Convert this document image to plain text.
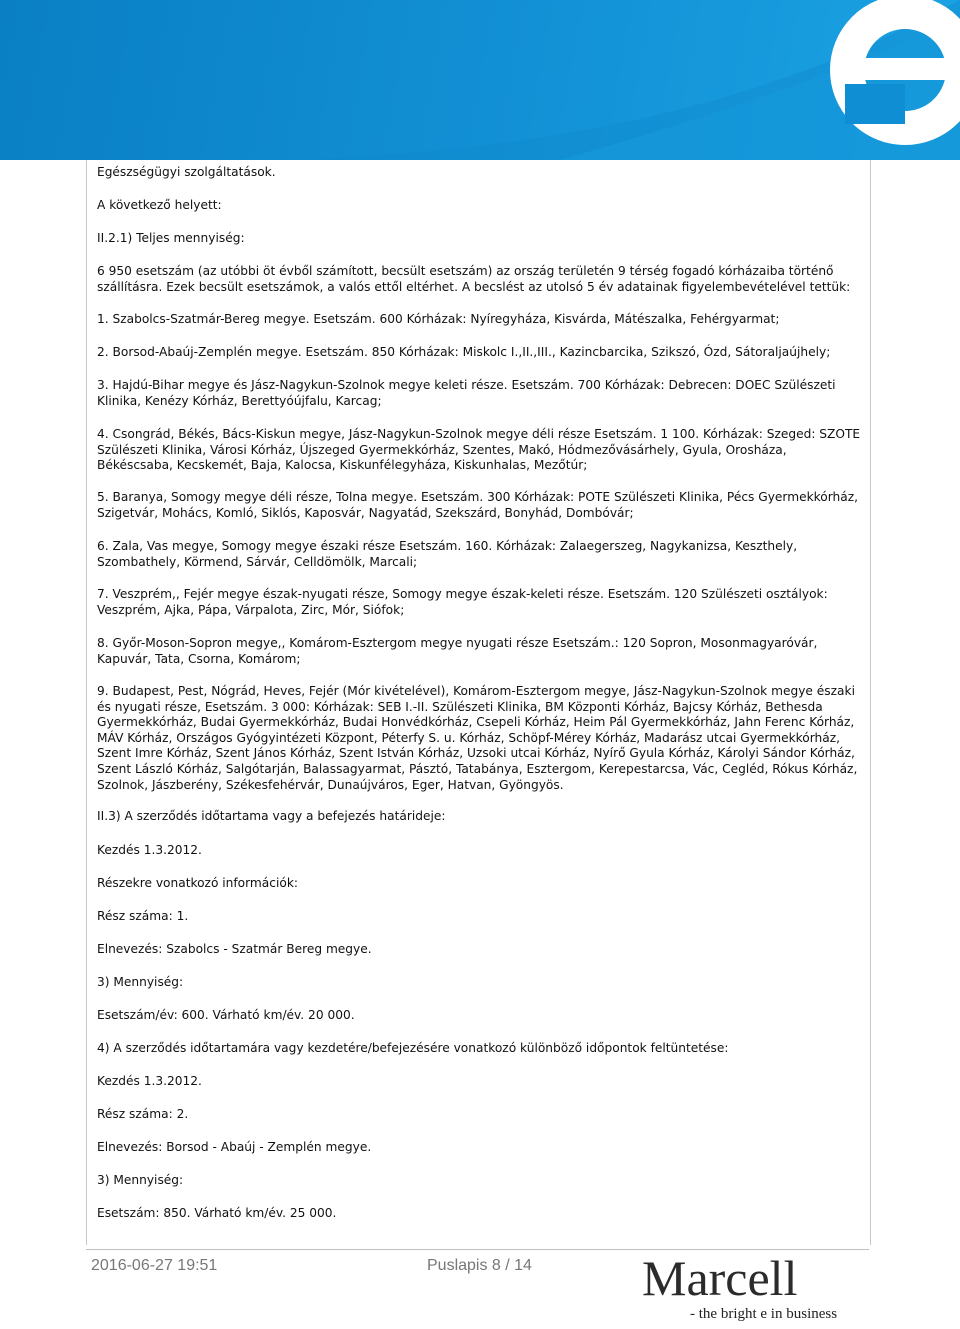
Egészségügyi szolgáltatások.

A következő helyett:

II.2.1) Teljes mennyiség:

6 950 esetszám (az utóbbi öt évből számított, becsült esetszám) az ország területén 9 térség fogadó kórházaiba történő szállításra. Ezek becsült esetszámok, a valós ettől eltérhet. A becslést az utolsó 5 év adatainak figyelembevételével tettük:

1. Szabolcs-Szatmár-Bereg megye. Esetszám. 600 Kórházak: Nyíregyháza, Kisvárda, Mátészalka, Fehérgyarmat;

2. Borsod-Abaúj-Zemplén megye. Esetszám. 850 Kórházak: Miskolc I.,II.,III., Kazincbarcika, Szikszó, Ózd, Sátoraljaújhely;

3. Hajdú-Bihar megye és Jász-Nagykun-Szolnok megye keleti része. Esetszám. 700 Kórházak: Debrecen: DOEC Szülészeti Klinika, Kenézy Kórház, Berettyóújfalu, Karcag;

4. Csongrád, Békés, Bács-Kiskun megye, Jász-Nagykun-Szolnok megye déli része Esetszám. 1 100. Kórházak: Szeged: SZOTE Szülészeti Klinika, Városi Kórház, Újszeged Gyermekkórház, Szentes, Makó, Hódmezővásárhely, Gyula, Orosháza, Békéscsaba, Kecskemét, Baja, Kalocsa, Kiskunfélegyháza, Kiskunhalas, Mezőtúr;

5. Baranya, Somogy megye déli része, Tolna megye. Esetszám. 300 Kórházak: POTE Szülészeti Klinika, Pécs Gyermekkórház, Szigetvár, Mohács, Komló, Siklós, Kaposvár, Nagyatád, Szekszárd, Bonyhád, Dombóvár;

6. Zala, Vas megye, Somogy megye északi része Esetszám. 160. Kórházak: Zalaegerszeg, Nagykanizsa, Keszthely, Szombathely, Körmend, Sárvár, Celldömölk, Marcali;

7. Veszprém,, Fejér megye észak-nyugati része, Somogy megye észak-keleti része. Esetszám. 120 Szülészeti osztályok: Veszprém, Ajka, Pápa, Várpalota, Zirc, Mór, Siófok;

8. Győr-Moson-Sopron megye,, Komárom-Esztergom megye nyugati része Esetszám.: 120 Sopron, Mosonmagyaróvár, Kapuvár, Tata, Csorna, Komárom;

9. Budapest, Pest, Nógrád, Heves, Fejér (Mór kivételével), Komárom-Esztergom megye, Jász-Nagykun-Szolnok megye északi és nyugati része, Esetszám. 3 000: Kórházak: SEB I.-II. Szülészeti Klinika, BM Központi Kórház, Bajcsy Kórház, Bethesda Gyermekkórház, Budai Gyermekkórház, Budai Honvédkórház, Csepeli Kórház, Heim Pál Gyermekkórház, Jahn Ferenc Kórház, MÁV Kórház, Országos Gyógyintézeti Központ, Péterfy S. u. Kórház, Schöpf-Mérey Kórház, Madarász utcai Gyermekkórház, Szent Imre Kórház, Szent János Kórház, Szent István Kórház, Uzsoki utcai Kórház, Nyírő Gyula Kórház, Károlyi Sándor Kórház, Szent László Kórház, Salgótarján, Balassagyarmat, Pásztó, Tatabánya, Esztergom, Kerepestarcsa, Vác, Cegléd, Rókus Kórház, Szolnok, Jászberény, Székesfehérvár, Dunaújváros, Eger, Hatvan, Gyöngyös.

II.3) A szerződés időtartama vagy a befejezés határideje:

Kezdés 1.3.2012.

Részekre vonatkozó információk:

Rész száma: 1.

Elnevezés: Szabolcs - Szatmár Bereg megye.

3) Mennyiség:

Esetszám/év: 600. Várható km/év. 20 000.

4) A szerződés időtartamára vagy kezdetére/befejezésére vonatkozó különböző időpontok feltüntetése:

Kezdés 1.3.2012.

Rész száma: 2.

Elnevezés: Borsod - Abaúj - Zemplén megye.

3) Mennyiség:

Esetszám: 850. Várható km/év. 25 000.

2016-06-27 19:51	Puslapis 8 / 14 Marcell
- the bright e in business
